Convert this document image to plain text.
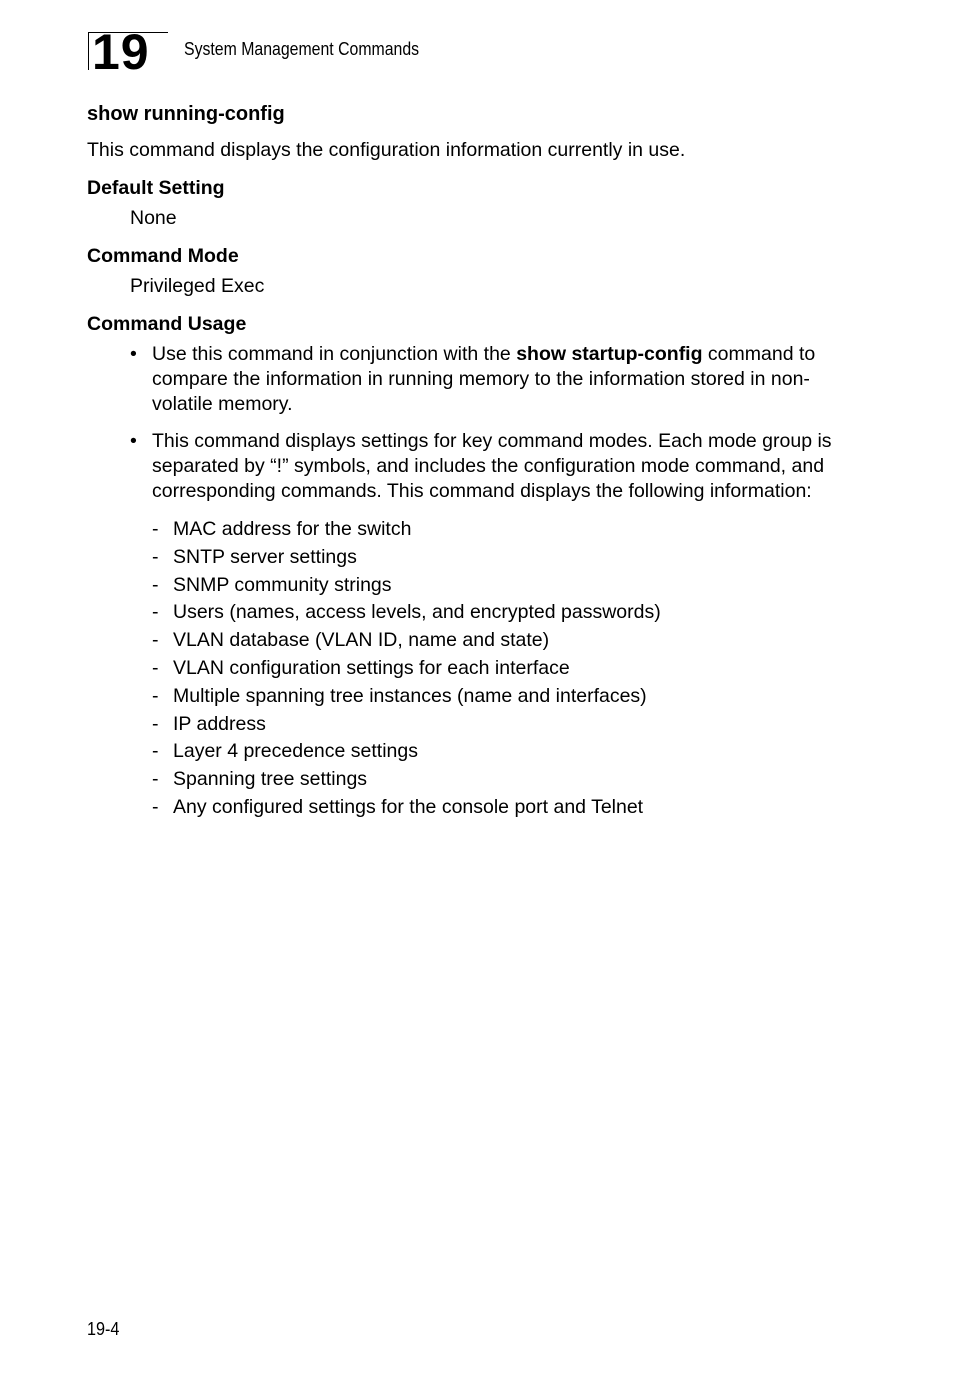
19 System Management Commands
show running-config
This command displays the configuration information currently in use.
Default Setting
None
Command Mode
Privileged Exec
Command Usage
• Use this command in conjunction with the show startup-config command to compare the information in running memory to the information stored in non-volatile memory.
• This command displays settings for key command modes. Each mode group is separated by “!” symbols, and includes the configuration mode command, and corresponding commands. This command displays the following information:
- MAC address for the switch
- SNTP server settings
- SNMP community strings
- Users (names, access levels, and encrypted passwords)
- VLAN database (VLAN ID, name and state)
- VLAN configuration settings for each interface
- Multiple spanning tree instances (name and interfaces)
- IP address
- Layer 4 precedence settings
- Spanning tree settings
- Any configured settings for the console port and Telnet
19-4
